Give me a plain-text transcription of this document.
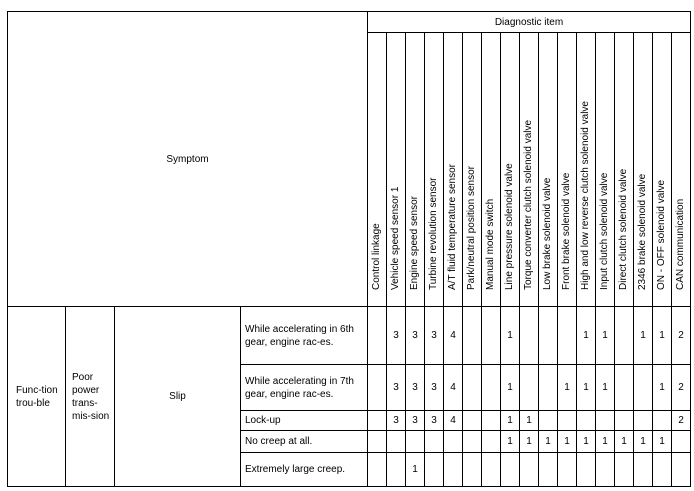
Symptom				Diagnostic item																

				Control linkage	Vehicle speed sensor 1	Engine speed sensor	Turbine revolution sensor	A/T fluid temperature sensor	Park/neutral position sensor	Manual mode switch	Line pressure solenoid valve	Torque converter clutch solenoid valve	Low brake solenoid valve	Front brake solenoid valve	High and low reverse clutch solenoid valve	Input clutch solenoid valve	Direct clutch solenoid valve	2346 brake solenoid valve	ON - OFF solenoid valve	CAN communication

Func-tion trou-ble	Poor power trans-mis-sion	Slip	While accelerating in 6th gear, engine rac-es.		3	3	3	4			1				1	1		1	1	2
			While accelerating in 7th gear, engine rac-es.		3	3	3	4			1			1	1	1			1	2
			Lock-up		3	3	3	4			1	1								2
			No creep at all.								1	1	1	1	1	1	1	1	1	
			Extremely large creep.			1														
